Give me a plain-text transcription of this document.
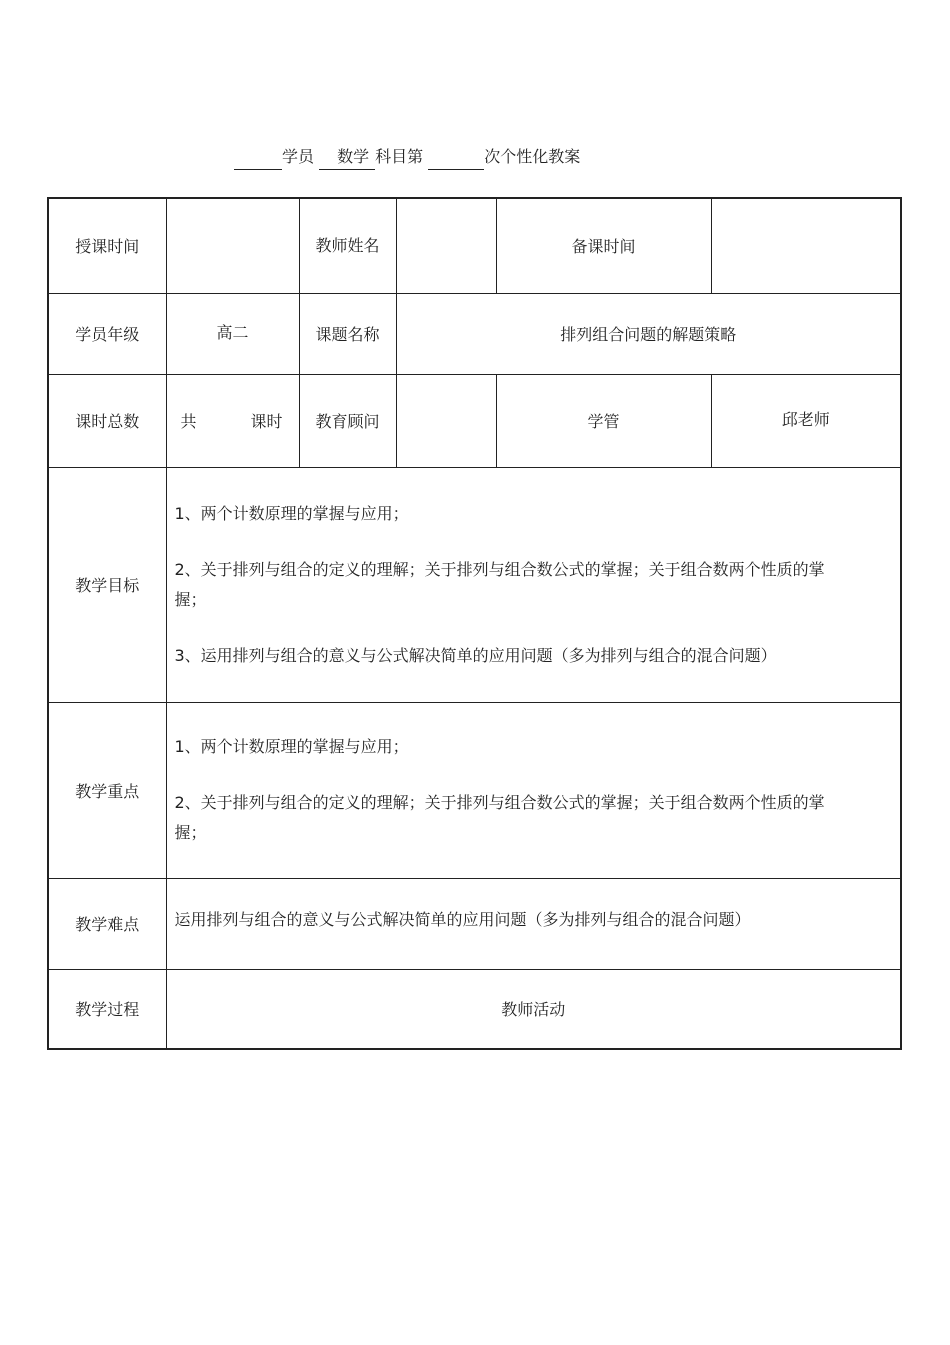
学员 数学 科目第	次个性化教案
授课时间		教师姓名		备课时间	
学员年级	高二	课题名称	排列组合问题的解题策略		
课时总数	共 课时	教育顾问		学管	邱老师
教学目标	1、两个计数原理的掌握与应用；

2、关于排列与组合的定义的理解；关于排列与组合数公式的掌握；关于组合数两个性质的掌握；

3、运用排列与组合的意义与公式解决简单的应用问题（多为排列与组合的混合问题）				

教学重点	1、两个计数原理的掌握与应用；

2、关于排列与组合的定义的理解；关于排列与组合数公式的掌握；关于组合数两个性质的掌握；				

教学难点	运用排列与组合的意义与公式解决简单的应用问题（多为排列与组合的混合问题）				

教学过程	教师活动				
